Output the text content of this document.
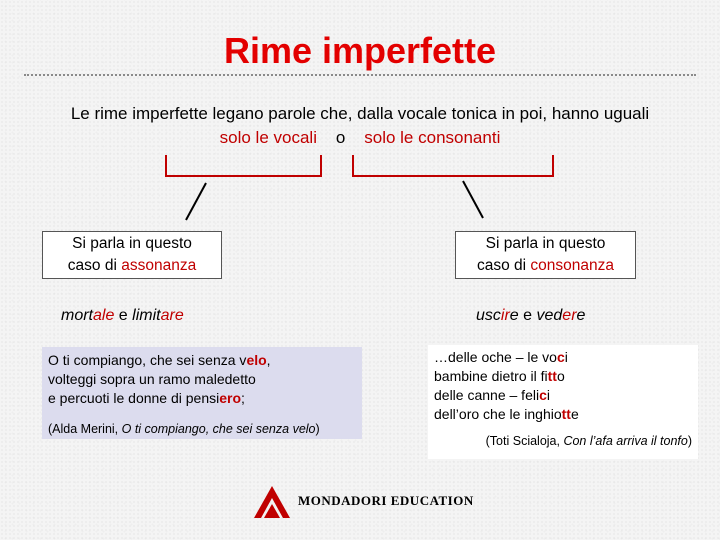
Rime imperfette
Le rime imperfette legano parole che, dalla vocale tonica in poi, hanno uguali
solo le vocali o solo le consonanti
Si parla in questo
caso di assonanza
Si parla in questo
caso di consonanza
mortale e limitare	uscire e vedere
O ti compiango, che sei senza velo,
volteggi sopra un ramo maledetto
e percuoti le donne di pensiero;
(Alda Merini, O ti compiango, che sei senza velo)
…delle oche – le voci
bambine dietro il fitto
delle canne – felici
dell’oro che le inghiotte
(Toti Scialoja, Con l’afa arriva il tonfo)
MONDADORI EDUCATION
